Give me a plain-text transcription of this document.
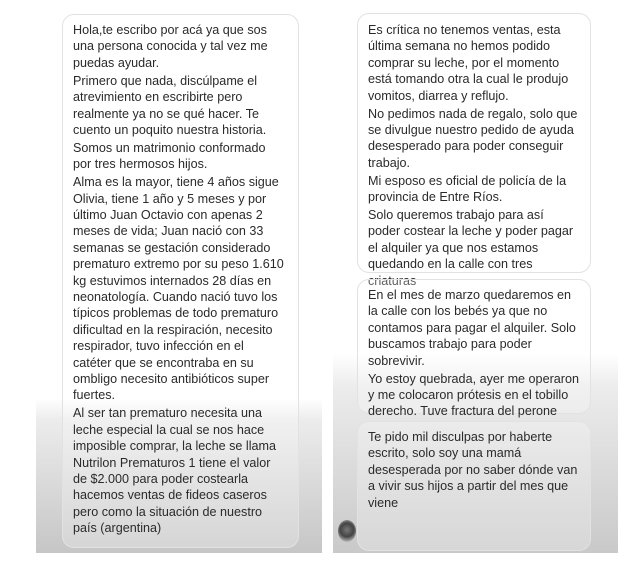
Hola,te escribo por acá ya que sos
una persona conocida y tal vez me
puedas ayudar.

Primero que nada, discúlpame el
atrevimiento en escribirte pero
realmente ya no se qué hacer. Te
cuento un poquito nuestra historia.

Somos un matrimonio conformado
por tres hermosos hijos.

Alma es la mayor, tiene 4 años sigue
Olivia, tiene 1 año y 5 meses y por
último Juan Octavio con apenas 2
meses de vida; Juan nació con 33
semanas se gestación considerado
prematuro extremo por su peso 1.610
kg estuvimos internados 28 días en
neonatología. Cuando nació tuvo los
típicos problemas de todo prematuro
dificultad en la respiración, necesito
respirador, tuvo infección en el
catéter que se encontraba en su
ombligo necesito antibióticos super
fuertes.

Al ser tan prematuro necesita una
leche especial la cual se nos hace
imposible comprar, la leche se llama
Nutrilon Prematuros 1 tiene el valor
de $2.000 para poder costearla
hacemos ventas de fideos caseros
pero como la situación de nuestro
país (argentina)

Es crítica no tenemos ventas, esta
última semana no hemos podido
comprar su leche, por el momento
está tomando otra la cual le produjo
vomitos, diarrea y reflujo.

No pedimos nada de regalo, solo que
se divulgue nuestro pedido de ayuda
desesperado para poder conseguir
trabajo.

Mi esposo es oficial de policía de la
provincia de Entre Ríos.

Solo queremos trabajo para así
poder costear la leche y poder pagar
el alquiler ya que nos estamos
quedando en la calle con tres
criaturas

En el mes de marzo quedaremos en
la calle con los bebés ya que no
contamos para pagar el alquiler. Solo
buscamos trabajo para poder
sobrevivir.

Yo estoy quebrada, ayer me operaron
y me colocaron prótesis en el tobillo
derecho. Tuve fractura del perone

Te pido mil disculpas por haberte
escrito, solo soy una mamá
desesperada por no saber dónde van
a vivir sus hijos a partir del mes que
viene
